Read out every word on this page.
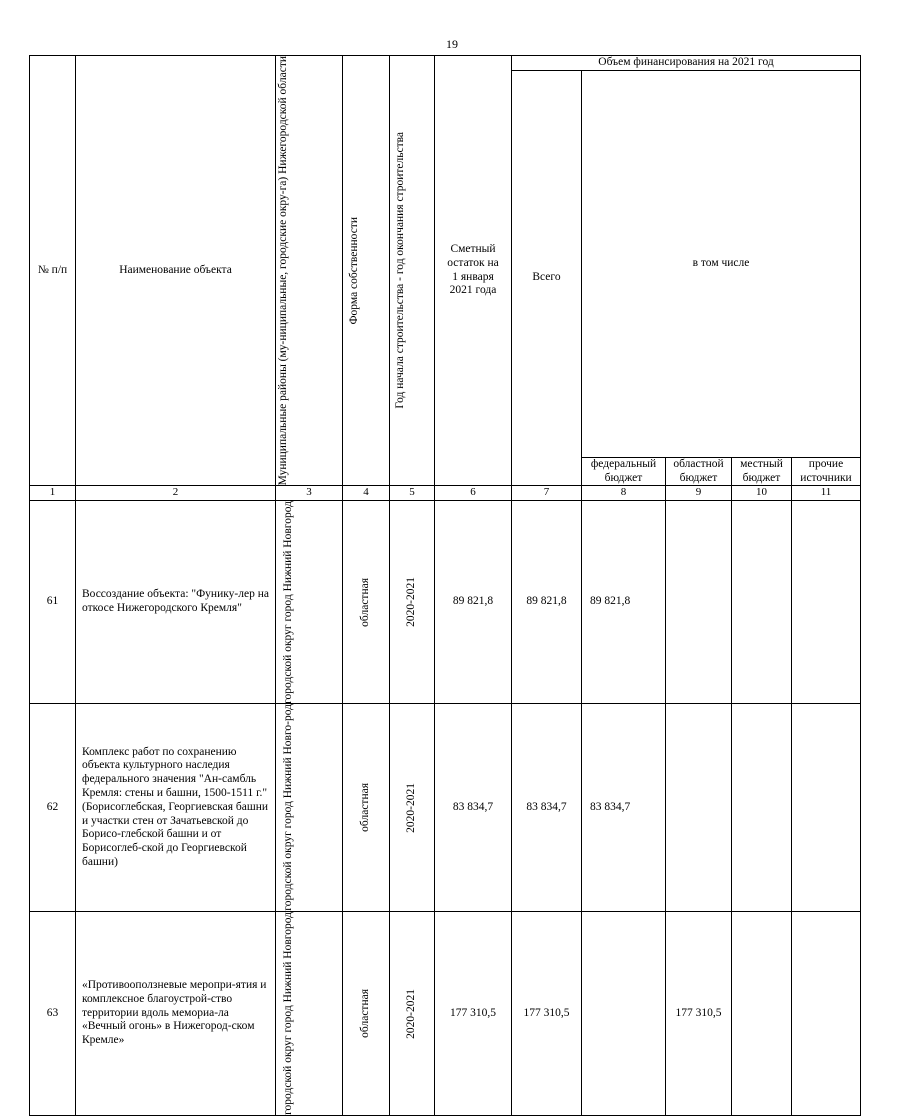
19
№ п/п	Наименование объекта	Муниципальные районы (му-ниципальные, городские окру-га) Нижегородской области	Форма собственности	Год начала строительства - год окончания строительства	Сметный остаток на 1 января 2021 года	Объем финансирования на 2021 год				
						Всего	в том числе			
							федеральный бюджет	областной бюджет	местный бюджет	прочие источники
1	2	3	4	5	6	7	8	9	10	11
61	Воссоздание объекта: "Фунику-лер на откосе Нижегородского Кремля"	городской округ город Нижний Новгород	областная	2020-2021	89 821,8	89 821,8	89 821,8			
62	Комплекс работ по сохранению объекта культурного наследия федерального значения "Ан-самбль Кремля: стены и башни, 1500-1511 г." (Борисоглебская, Георгиевская башни и участки стен от Зачатьевской до Борисо-глебской башни и от Борисоглеб-ской до Георгиевской башни)	городской округ город Нижний Новго-род	областная	2020-2021	83 834,7	83 834,7	83 834,7			
63	«Противооползневые меропри-ятия и комплексное благоустрой-ство территории вдоль мемориа-ла «Вечный огонь» в Нижегород-ском Кремле»	городской округ город Нижний Новгород	областная	2020-2021	177 310,5	177 310,5		177 310,5		
